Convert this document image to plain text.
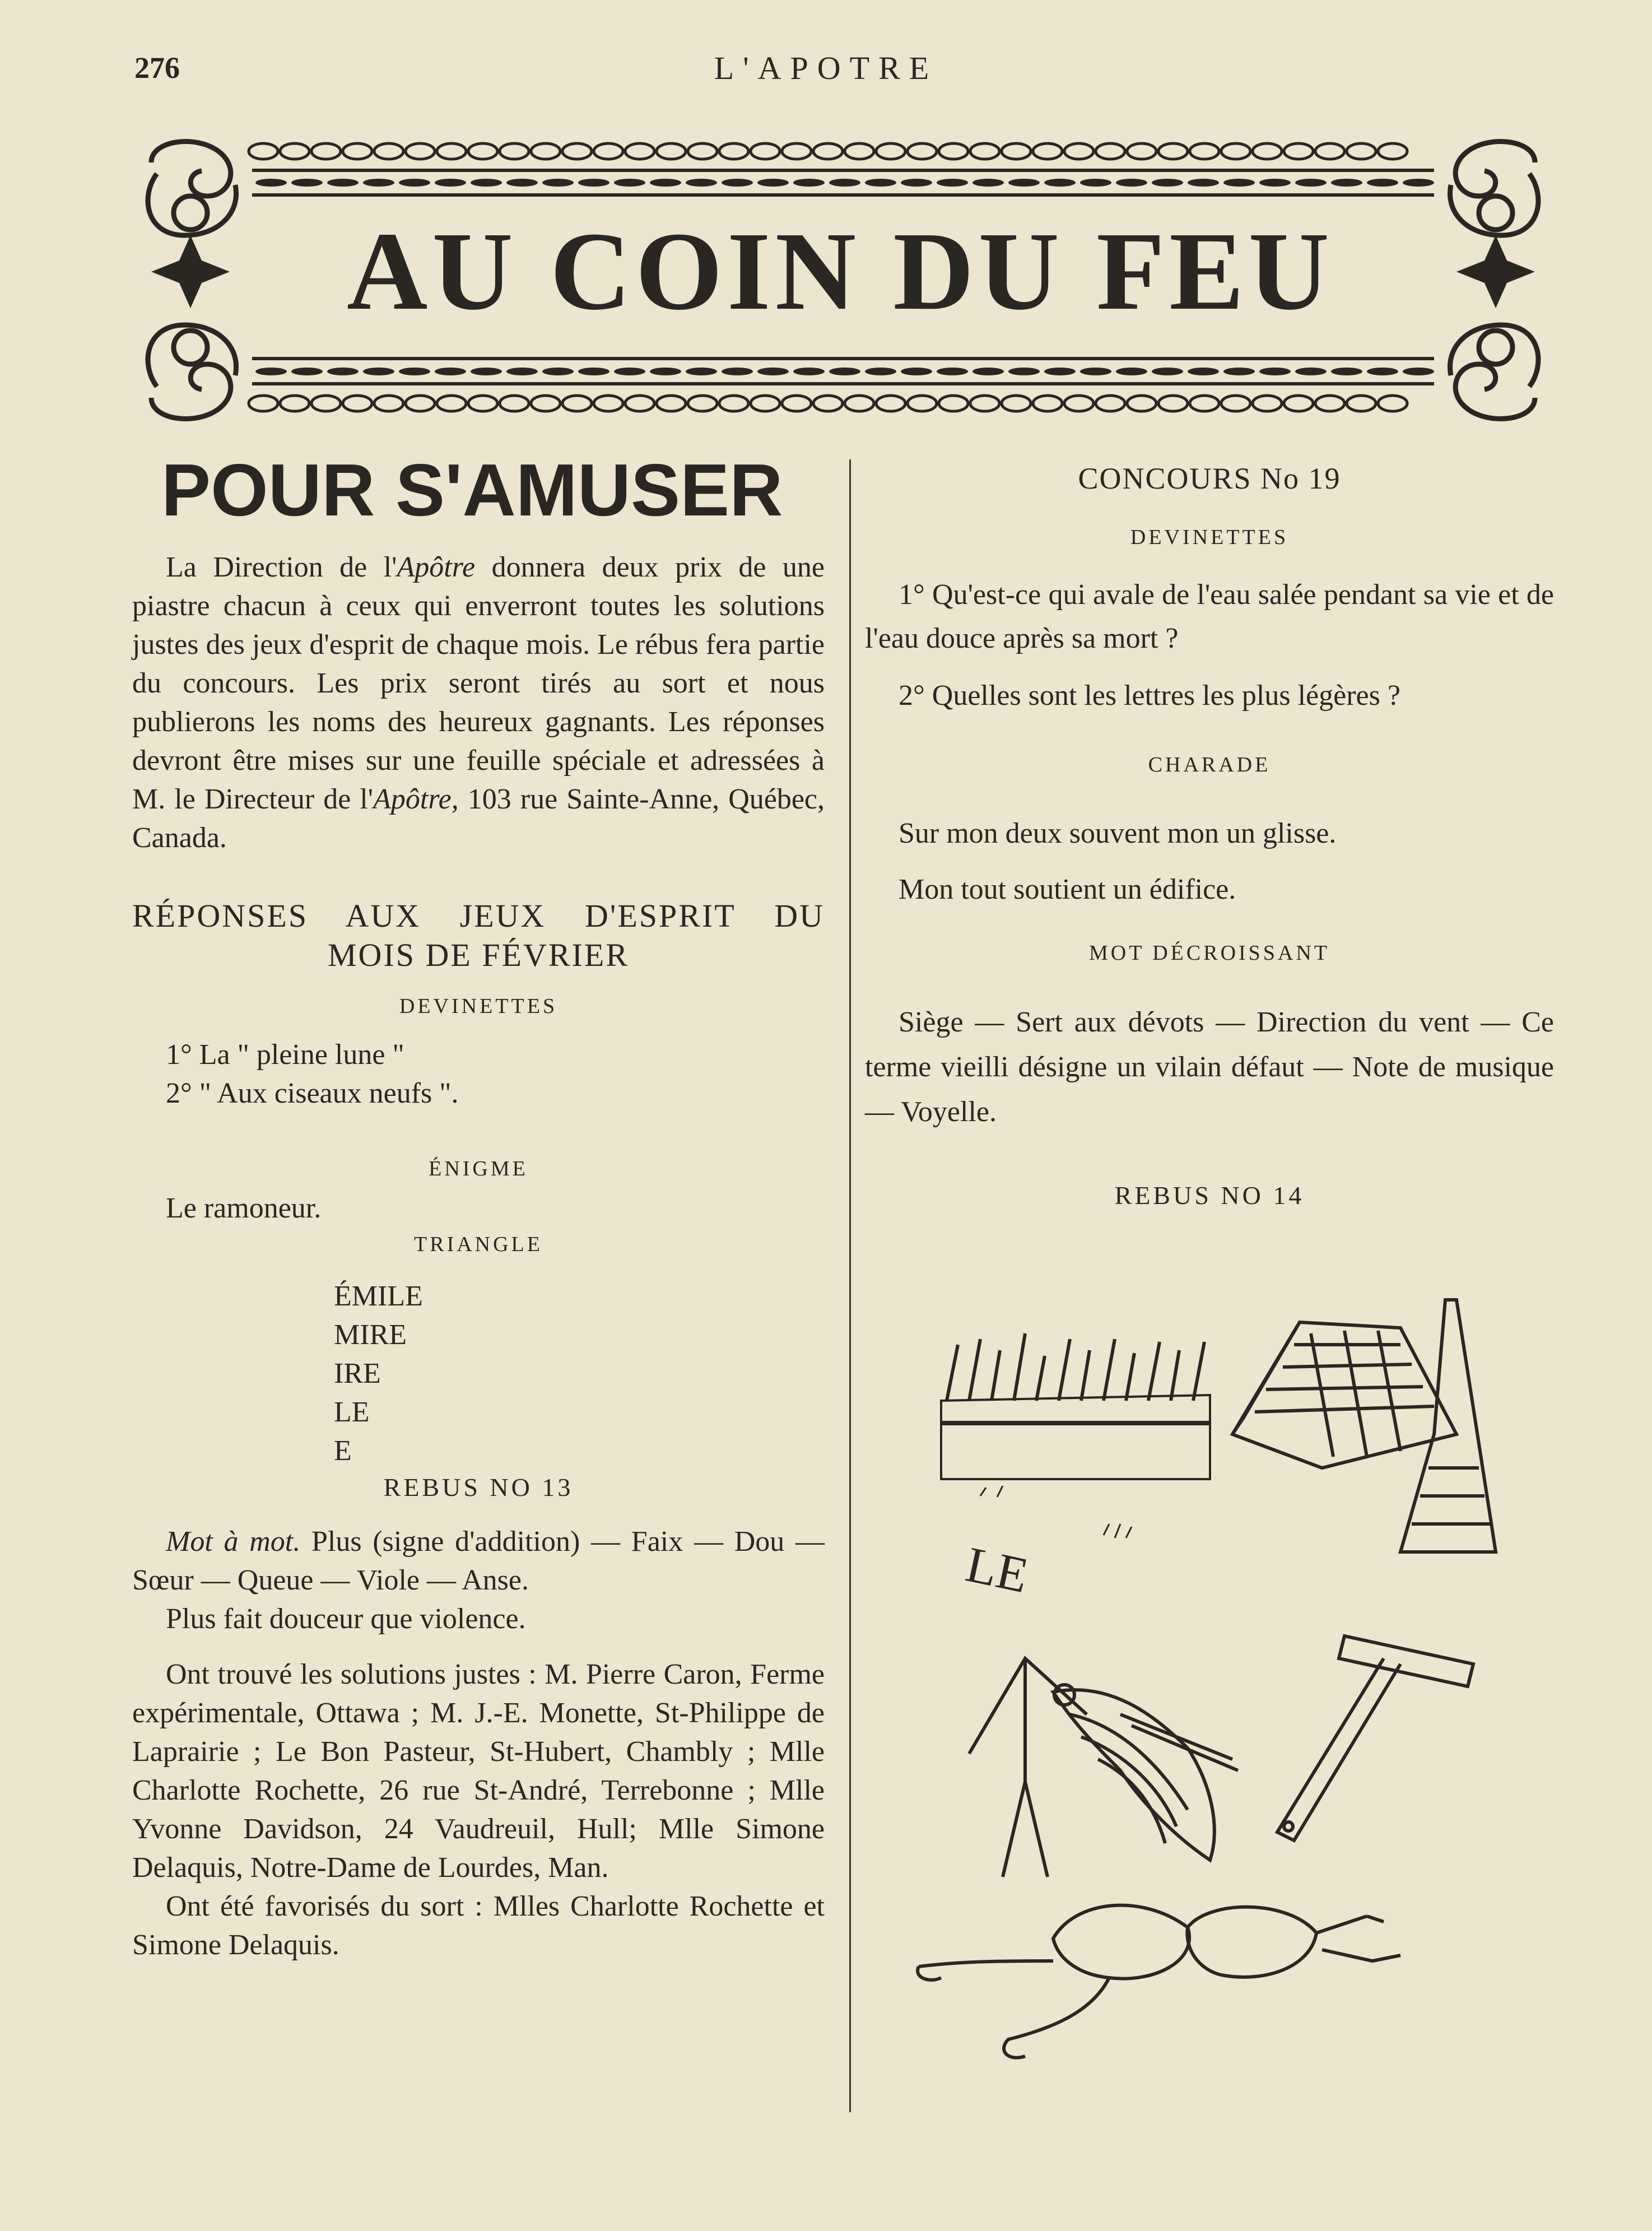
276	L'APOTRE
AU COIN DU FEU
POUR S'AMUSER

La Direction de l'Apôtre donnera deux prix de une piastre chacun à ceux qui enverront toutes les solutions justes des jeux d'esprit de chaque mois. Le rébus fera partie du concours. Les prix seront tirés au sort et nous publierons les noms des heureux gagnants. Les réponses devront être mises sur une feuille spéciale et adressées à M. le Directeur de l'Apôtre, 103 rue Sainte-Anne, Québec, Canada.

RÉPONSES AUX JEUX D'ESPRIT DU
MOIS DE FÉVRIER

DEVINETTES

1° La " pleine lune "

2° " Aux ciseaux neufs ".

ÉNIGME

Le ramoneur.

TRIANGLE

ÉMILE

MIRE

IRE

LE

E

REBUS NO 13

Mot à mot. Plus (signe d'addition) — Faix — Dou — Sœur — Queue — Viole — Anse.

Plus fait douceur que violence.

Ont trouvé les solutions justes : M. Pierre Caron, Ferme expérimentale, Ottawa ; M. J.-E. Monette, St-Philippe de Laprairie ; Le Bon Pasteur, St-Hubert, Chambly ; Mlle Charlotte Rochette, 26 rue St-André, Terrebonne ; Mlle Yvonne Davidson, 24 Vaudreuil, Hull; Mlle Simone Delaquis, Notre-Dame de Lourdes, Man.

Ont été favorisés du sort : Mlles Charlotte Rochette et Simone Delaquis.

CONCOURS No 19

DEVINETTES

1° Qu'est-ce qui avale de l'eau salée pendant sa vie et de l'eau douce après sa mort ?

2° Quelles sont les lettres les plus légères ?

CHARADE

Sur mon deux souvent mon un glisse.

Mon tout soutient un édifice.

MOT DÉCROISSANT

Siège — Sert aux dévots — Direction du vent — Ce terme vieilli désigne un vilain défaut — Note de musique — Voyelle.

REBUS NO 14

LE
